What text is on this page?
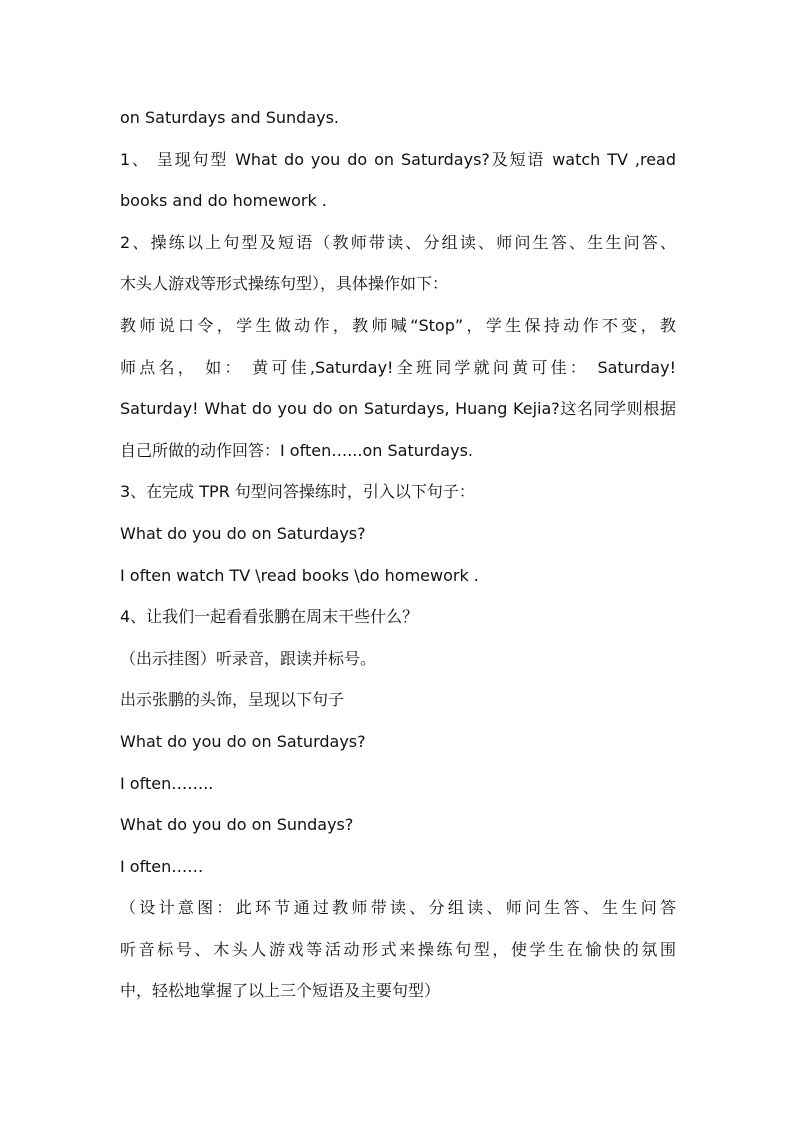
on Saturdays and Sundays.
1、 呈现句型 What do you do on Saturdays?及短语 watch TV ,read
books and do homework .
2、操练以上句型及短语（教师带读、分组读、师问生答、生生问答、
木头人游戏等形式操练句型），具体操作如下：
教师说口令，学生做动作，教师喊“Stop”，学生保持动作不变，教
师点名， 如： 黄可佳,Saturday!全班同学就问黄可佳： Saturday!
Saturday! What do you do on Saturdays, Huang Kejia?这名同学则根据
自己所做的动作回答：I often…...on Saturdays.
3、在完成 TPR 句型问答操练时，引入以下句子：
What do you do on Saturdays?
I often watch TV \read books \do homework .
4、让我们一起看看张鹏在周末干些什么？
（出示挂图）听录音，跟读并标号。
出示张鹏的头饰，呈现以下句子
What do you do on Saturdays?
I often……..
What do you do on Sundays?
I often……
（设计意图：此环节通过教师带读、分组读、师问生答、生生问答
听音标号、木头人游戏等活动形式来操练句型，使学生在愉快的氛围
中，轻松地掌握了以上三个短语及主要句型）
